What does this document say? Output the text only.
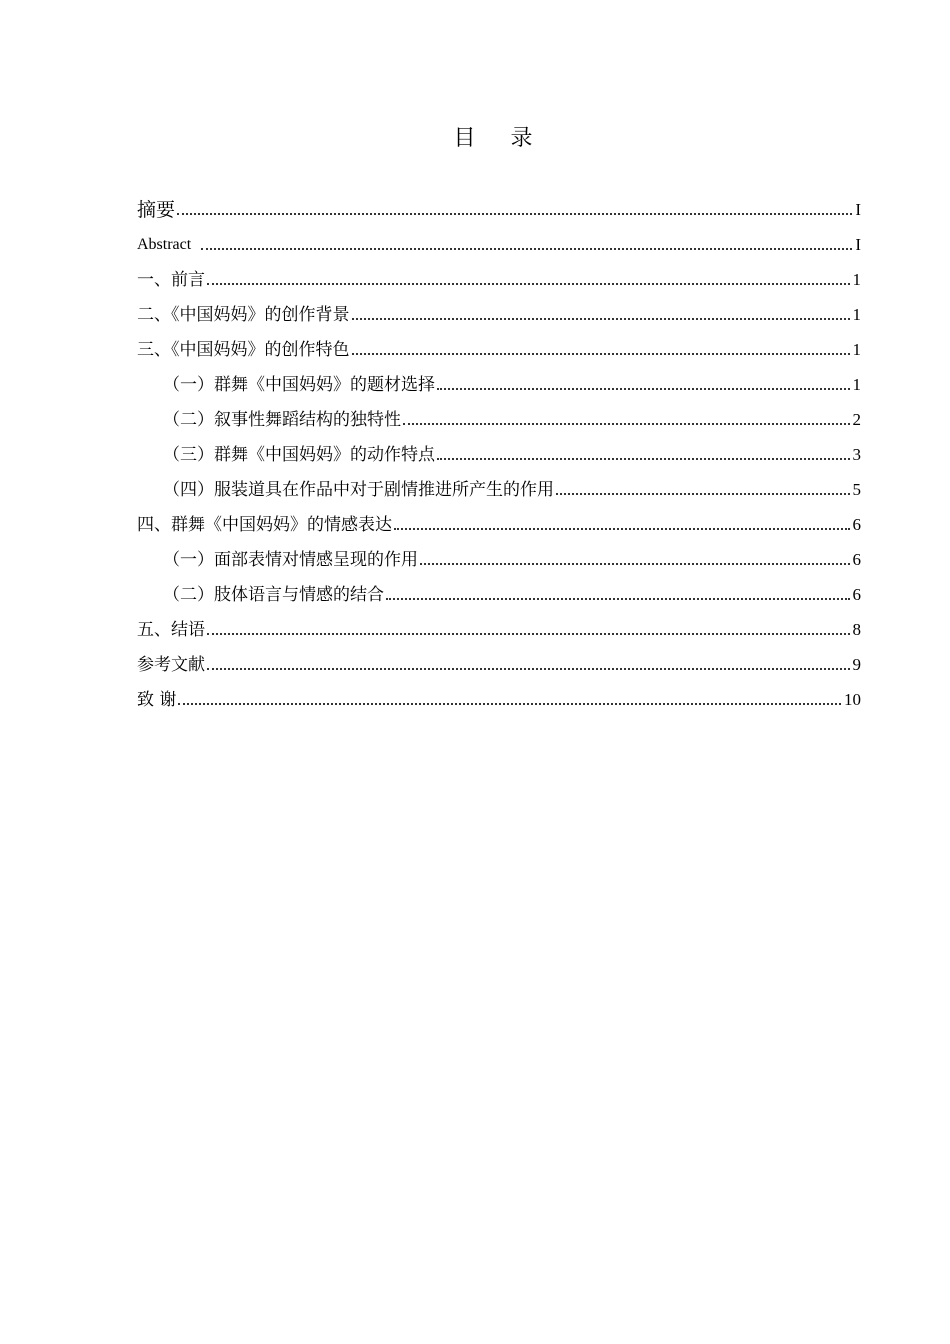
目 录
摘要	I
Abstract	I
一、前言	1
二、《中国妈妈》的创作背景	1
三、《中国妈妈》的创作特色	1
（一）群舞《中国妈妈》的题材选择	1
（二）叙事性舞蹈结构的独特性	2
（三）群舞《中国妈妈》的动作特点	3
（四）服装道具在作品中对于剧情推进所产生的作用	5
四、群舞《中国妈妈》的情感表达	6
（一）面部表情对情感呈现的作用	6
（二）肢体语言与情感的结合	6
五、结语	8
参考文献	9
致 谢	10
